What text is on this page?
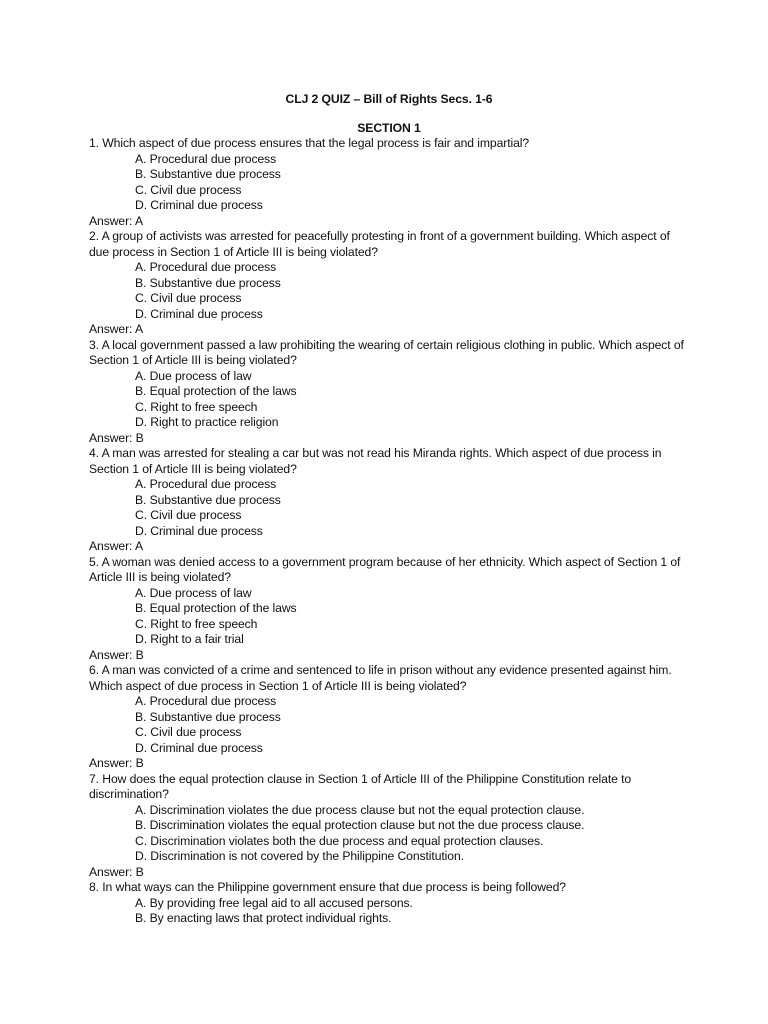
CLJ 2 QUIZ – Bill of Rights Secs. 1-6
SECTION 1
1. Which aspect of due process ensures that the legal process is fair and impartial?
A. Procedural due process
B. Substantive due process
C. Civil due process
D. Criminal due process
Answer: A
2. A group of activists was arrested for peacefully protesting in front of a government building. Which aspect of due process in Section 1 of Article III is being violated?
A. Procedural due process
B. Substantive due process
C. Civil due process
D. Criminal due process
Answer: A
3. A local government passed a law prohibiting the wearing of certain religious clothing in public. Which aspect of Section 1 of Article III is being violated?
A. Due process of law
B. Equal protection of the laws
C. Right to free speech
D. Right to practice religion
Answer: B
4. A man was arrested for stealing a car but was not read his Miranda rights. Which aspect of due process in Section 1 of Article III is being violated?
A. Procedural due process
B. Substantive due process
C. Civil due process
D. Criminal due process
Answer: A
5. A woman was denied access to a government program because of her ethnicity. Which aspect of Section 1 of Article III is being violated?
A. Due process of law
B. Equal protection of the laws
C. Right to free speech
D. Right to a fair trial
Answer: B
6. A man was convicted of a crime and sentenced to life in prison without any evidence presented against him. Which aspect of due process in Section 1 of Article III is being violated?
A. Procedural due process
B. Substantive due process
C. Civil due process
D. Criminal due process
Answer: B
7. How does the equal protection clause in Section 1 of Article III of the Philippine Constitution relate to discrimination?
A. Discrimination violates the due process clause but not the equal protection clause.
B. Discrimination violates the equal protection clause but not the due process clause.
C. Discrimination violates both the due process and equal protection clauses.
D. Discrimination is not covered by the Philippine Constitution.
Answer: B
8. In what ways can the Philippine government ensure that due process is being followed?
A. By providing free legal aid to all accused persons.
B. By enacting laws that protect individual rights.
